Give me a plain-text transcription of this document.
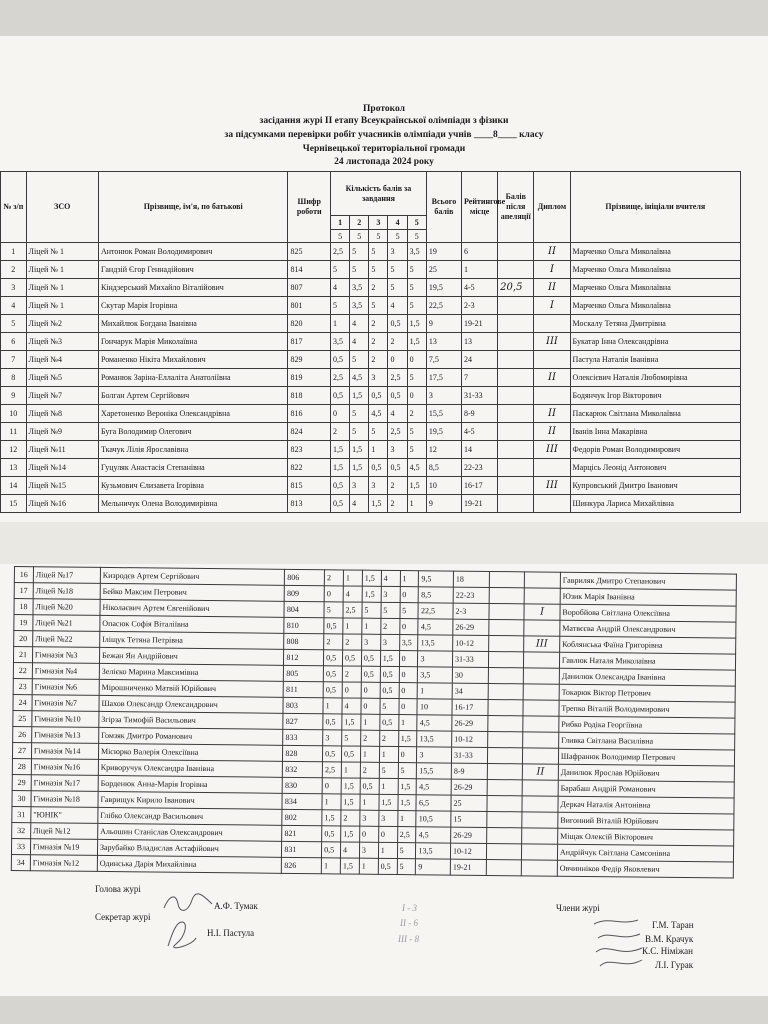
Протокол
засідання журі ІІ етапу Всеукраїнської олімпіади з фізики
за підсумками перевірки робіт учасників олімпіади учнів ____8____ класу
Чернівецької територіальної громади
24 листопада 2024 року
№ з/п	ЗСО	Прізвище, ім'я, по батькові	Шифр роботи	Кількість балів за завдання					Всього балів	Рейтингове місце	Балів після апеляції	Диплом	Прізвище, ініціали вчителя
				1	2	3	4	5					
				5	5	5	5	5					
1	Ліцей № 1	Антонюк Роман Володимирович	825	2,5	5	5	3	3,5	19	6		ІІ	Марченко Ольга Миколаївна
2	Ліцей № 1	Гандзій Єгор Геннадійович	814	5	5	5	5	5	25	1		І	Марченко Ольга Миколаївна
3	Ліцей № 1	Кіндзерський Михайло Віталійович	807	4	3,5	2	5	5	19,5	4-5	20,5	ІІ	Марченко Ольга Миколаївна
4	Ліцей № 1	Скутар Марія Ігорівна	801	5	3,5	5	4	5	22,5	2-3		І	Марченко Ольга Миколаївна
5	Ліцей №2	Михайлюк Богдана Іванівна	820	1	4	2	0,5	1,5	9	19-21			Москалу Тетяна Дмитрівна
6	Ліцей №3	Гончарук Марія Миколаївна	817	3,5	4	2	2	1,5	13	13		ІІІ	Букатар Інна Олександрівна
7	Ліцей №4	Романенко Нікіта Михайлович	829	0,5	5	2	0	0	7,5	24			Пастула Наталія Іванівна
8	Ліцей №5	Романюк Заріна-Еллаліта Анатоліївна	819	2,5	4,5	3	2,5	5	17,5	7		ІІ	Олексієвич Наталія Любомирівна
9	Ліцей №7	Болган Артем Сергійович	818	0,5	1,5	0,5	0,5	0	3	31-33			Бодянчук Ігор Вікторович
10	Ліцей №8	Харетоненко Вероніка Олександрівна	816	0	5	4,5	4	2	15,5	8-9		ІІ	Паскарюк Світлана Миколаївна
11	Ліцей №9	Буга Володимир Олегович	824	2	5	5	2,5	5	19,5	4-5		ІІ	Іванів Інна Макарівна
12	Ліцей №11	Ткачук Лілія Ярославівна	823	1,5	1,5	1	3	5	12	14		ІІІ	Федорів Роман Володимирович
13	Ліцей №14	Гуцуляк Анастасія Степанівна	822	1,5	1,5	0,5	0,5	4,5	8,5	22-23			Марцісь Леонід Антонович
14	Ліцей №15	Кузьмович Єлизавета Ігорівна	815	0,5	3	3	2	1,5	10	16-17		ІІІ	Купровський Дмитро Іванович
15	Ліцей №16	Мельничук Олена Володимирівна	813	0,5	4	1,5	2	1	9	19-21			Шинкура Лариса Михайлівна
16	Ліцей №17	Кизродєв Артем Сергійович	806	2	1	1,5	4	1	9,5	18			Гавриляк Дмитро Степанович
17	Ліцей №18	Бейко Максим Петрович	809	0	4	1,5	3	0	8,5	22-23			Юзик Марія Іванівна
18	Ліцей №20	Ніколаєвич Артем Євгенійович	804	5	2,5	5	5	5	22,5	2-3		І	Воробйова Світлана Олексіївна
19	Ліцей №21	Опасюк Софія Віталіївна	810	0,5	1	1	2	0	4,5	26-29			Матвєєва Андрій Олександрович
20	Ліцей №22	Іліщук Тетяна Петрівна	808	2	2	3	3	3,5	13,5	10-12		ІІІ	Коблянська Фаїна Григорівна
21	Гімназія №3	Бежан Ян Андрійович	812	0,5	0,5	0,5	1,5	0	3	31-33			Гавлюк Наталя Миколаївна
22	Гімназія №4	Зелієко Марина Максимівна	805	0,5	2	0,5	0,5	0	3,5	30			Данилюк Олександра Іванівна
23	Гімназія №6	Мірошниченко Матвій Юрійович	811	0,5	0	0	0,5	0	1	34			Токарюк Віктор Петрович
24	Гімназія №7	Шахов Олександр Олександрович	803	1	4	0	5	0	10	16-17			Трепко Віталій Володимирович
25	Гімназія №10	Згірза Тимофій Васильович	827	0,5	1,5	1	0,5	1	4,5	26-29			Рибко Родіка Георгіївна
26	Гімназія №13	Гомзяк Дмитро Романович	833	3	5	2	2	1,5	13,5	10-12			Гливка Світлана Василівна
27	Гімназія №14	Місюрко Валерія Олексіївна	828	0,5	0,5	1	1	0	3	31-33			Шафранюк Володимир Петрович
28	Гімназія №16	Криворучук Олександра Іванівна	832	2,5	1	2	5	5	15,5	8-9		ІІ	Данилюк Ярослав Юрійович
29	Гімназія №17	Борденюк Анна-Марія Ігорівна	830	0	1,5	0,5	1	1,5	4,5	26-29			Барабаш Андрій Романович
30	Гімназія №18	Гаврищук Кирило Іванович	834	1	1,5	1	1,5	1,5	6,5	25			Деркач Наталія Антонівна
31	"ЮНІК"	Глібко Олександр Васильович	802	1,5	2	3	3	1	10,5	15			Вигонний Віталій Юрійович
32	Ліцей №12	Альошин Станіслав Олександрович	821	0,5	1,5	0	0	2,5	4,5	26-29			Міщак Олексій Вікторович
33	Гімназія №19	Зарубайко Владислав Астафійович	831	0,5	4	3	1	5	13,5	10-12			Андрійчук Світлана Самсонівна
34	Гімназія №12	Одинська Дарія Михайлівна	826	1	1,5	1	0,5	5	9	19-21			Овчинніков Федір Яковлевич
Голова журі
А.Ф. Тумак
Секретар журі
Н.І. Пастула
Члени журі
Г.М. Таран
В.М. Крачук
К.С. Нiмiжан
Л.І. Гурак
І - 3
ІІ - 6
ІІІ - 8
